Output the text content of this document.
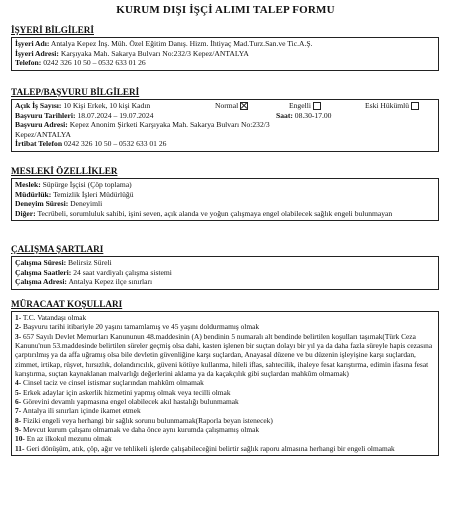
KURUM DIŞI İŞÇİ ALIMI TALEP FORMU
İŞYERİ BİLGİLERİ
İşyeri Adı: Antalya Kepez İnş. Müh. Özel Eğitim Danış. Hizm. İhtiyaç Mad.Turz.San.ve Tic.A.Ş.
İşyeri Adresi: Karşıyaka Mah. Sakarya Bulvarı No:232/3 Kepez/ANTALYA
Telefon: 0242 326 10 50 – 0532 633 01 26
TALEP/BAŞVURU BİLGİLERİ
Açık İş Sayısı: 10 Kişi Erkek, 10 kişi Kadın	Normal	Engelli	Eski Hükümlü
Başvuru Tarihleri: 18.07.2024 – 19.07.2024	Saat: 08.30-17.00
Başvuru Adresi: Kepez Anonim Şirketi Karşıyaka Mah. Sakarya Bulvarı No:232/3 Kepez/ANTALYA
İrtibat Telefon 0242 326 10 50 – 0532 633 01 26
MESLEKİ ÖZELLİKLER
Meslek: Süpürge İşçisi (Çöp toplama)
Müdürlük: Temizlik İşleri Müdürlüğü
Deneyim Süresi: Deneyimli
Diğer: Tecrübeli, sorumluluk sahibi, işini seven, açık alanda ve yoğun çalışmaya engel olabilecek sağlık engeli bulunmayan
ÇALIŞMA ŞARTLARI
Çalışma Süresi: Belirsiz Süreli
Çalışma Saatleri: 24 saat vardiyalı çalışma sistemi
Çalışma Adresi: Antalya Kepez ilçe sınırları
MÜRACAAT KOŞULLARI
1- T.C. Vatandaşı olmak
2- Başvuru tarihi itibariyle 20 yaşını tamamlamış ve 45 yaşını doldurmamış olmak
3- 657 Sayılı Devlet Memurları Kanununun 48.maddesinin (A) bendinin 5 numaralı alt bendinde belirtilen koşulları taşımak(Türk Ceza Kanunu'nun 53.maddesinde belirtilen süreler geçmiş olsa dahi, kasten işlenen bir suçtan dolayı bir yıl ya da daha fazla süreyle hapis cezasına çarptırılmış ya da affa uğramış olsa bile devletin güvenliğine karşı suçlardan, Anayasal düzene ve bu düzenin işleyişine karşı suçlardan, zimmet, irtikap, rüşvet, hırsızlık, dolandırıcılık, güveni kötüye kullanma, hileli iflas, sahtecilik, ihaleye fesat karıştırma, edimin ifasına fesat karıştırma, suçtan kaynaklanan malvarlığı değerlerini aklama ya da kaçakçılık gibi suçlardan mahkûm olmamak)
4- Cinsel taciz ve cinsel istismar suçlarından mahkûm olmamak
5- Erkek adaylar için askerlik hizmetini yapmış olmak veya tecilli olmak
6- Görevini devamlı yapmasına engel olabilecek akıl hastalığı bulunmamak
7- Antalya ili sınırları içinde ikamet etmek
8- Fiziki engeli veya herhangi bir sağlık sorunu bulunmamak(Raporla beyan istenecek)
9- Mevcut kurum çalışanı olmamak ve daha önce aynı kurumda çalışmamış olmak
10- En az ilkokul mezunu olmak
11- Geri dönüşüm, atık, çöp, ağır ve tehlikeli işlerde çalışabileceğini belirtir sağlık raporu almasına herhangi bir engeli olmamak
